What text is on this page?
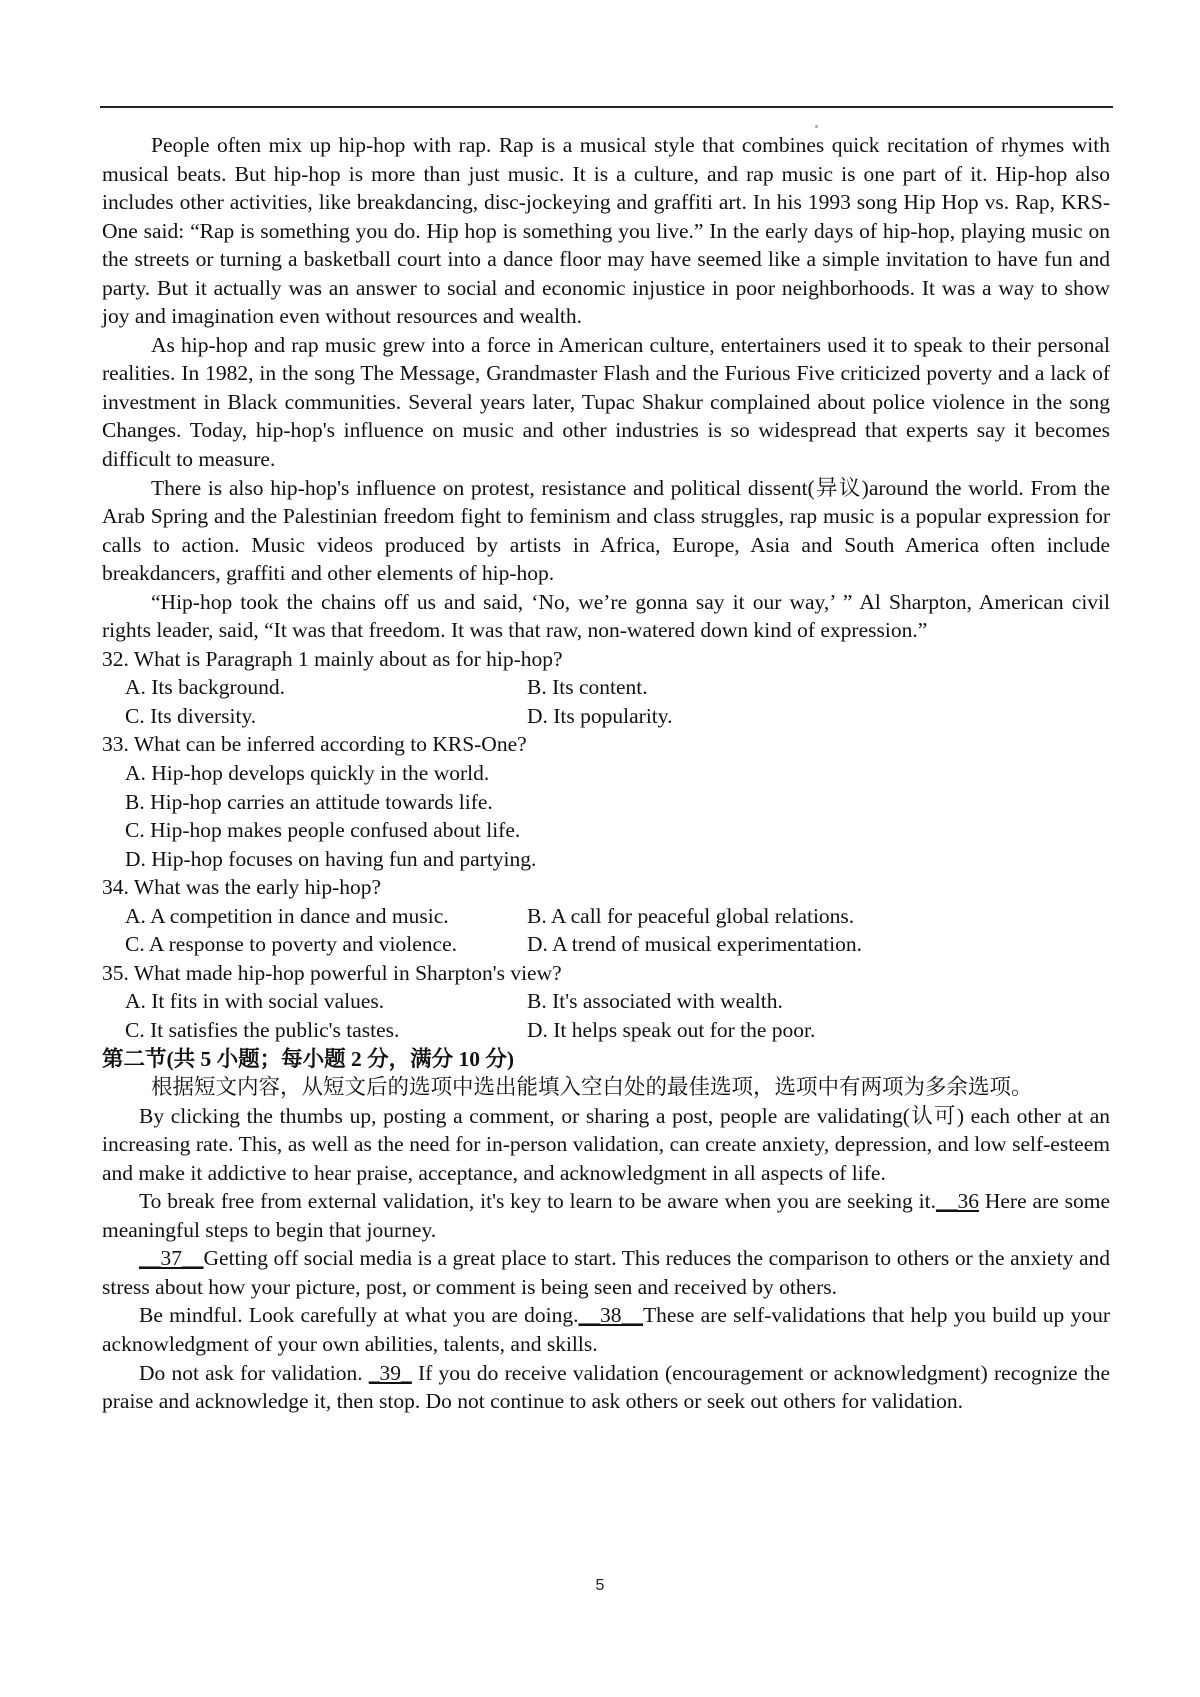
People often mix up hip-hop with rap. Rap is a musical style that combines quick recitation of rhymes with musical beats. But hip-hop is more than just music. It is a culture, and rap music is one part of it. Hip-hop also includes other activities, like breakdancing, disc-jockeying and graffiti art. In his 1993 song Hip Hop vs. Rap, KRS-One said: “Rap is something you do. Hip hop is something you live.” In the early days of hip-hop, playing music on the streets or turning a basketball court into a dance floor may have seemed like a simple invitation to have fun and party. But it actually was an answer to social and economic injustice in poor neighborhoods. It was a way to show joy and imagination even without resources and wealth.

As hip-hop and rap music grew into a force in American culture, entertainers used it to speak to their personal realities. In 1982, in the song The Message, Grandmaster Flash and the Furious Five criticized poverty and a lack of investment in Black communities. Several years later, Tupac Shakur complained about police violence in the song Changes. Today, hip-hop's influence on music and other industries is so widespread that experts say it becomes difficult to measure.

There is also hip-hop's influence on protest, resistance and political dissent(异议)around the world. From the Arab Spring and the Palestinian freedom fight to feminism and class struggles, rap music is a popular expression for calls to action. Music videos produced by artists in Africa, Europe, Asia and South America often include breakdancers, graffiti and other elements of hip-hop.

“Hip-hop took the chains off us and said, ‘No, we’re gonna say it our way,’ ” Al Sharpton, American civil rights leader, said, “It was that freedom. It was that raw, non-watered down kind of expression.”

32. What is Paragraph 1 mainly about as for hip-hop?

A. Its background.	B. Its content.
C. Its diversity.	D. Its popularity.

33. What can be inferred according to KRS-One?

A. Hip-hop develops quickly in the world.

B. Hip-hop carries an attitude towards life.

C. Hip-hop makes people confused about life.

D. Hip-hop focuses on having fun and partying.

34. What was the early hip-hop?

A. A competition in dance and music.	B. A call for peaceful global relations.
C. A response to poverty and violence.	D. A trend of musical experimentation.

35. What made hip-hop powerful in Sharpton's view?

A. It fits in with social values.	B. It's associated with wealth.
C. It satisfies the public's tastes.	D. It helps speak out for the poor.

第二节(共 5 小题；每小题 2 分，满分 10 分)

根据短文内容，从短文后的选项中选出能填入空白处的最佳选项，选项中有两项为多余选项。

By clicking the thumbs up, posting a comment, or sharing a post, people are validating(认可) each other at an increasing rate. This, as well as the need for in-person validation, can create anxiety, depression, and low self-esteem and make it addictive to hear praise, acceptance, and acknowledgment in all aspects of life.

To break free from external validation, it's key to learn to be aware when you are seeking it.__36 Here are some meaningful steps to begin that journey.

__37__Getting off social media is a great place to start. This reduces the comparison to others or the anxiety and stress about how your picture, post, or comment is being seen and received by others.

Be mindful. Look carefully at what you are doing.__38__These are self-validations that help you build up your acknowledgment of your own abilities, talents, and skills.

Do not ask for validation. _39_ If you do receive validation (encouragement or acknowledgment) recognize the praise and acknowledge it, then stop. Do not continue to ask others or seek out others for validation.

5
